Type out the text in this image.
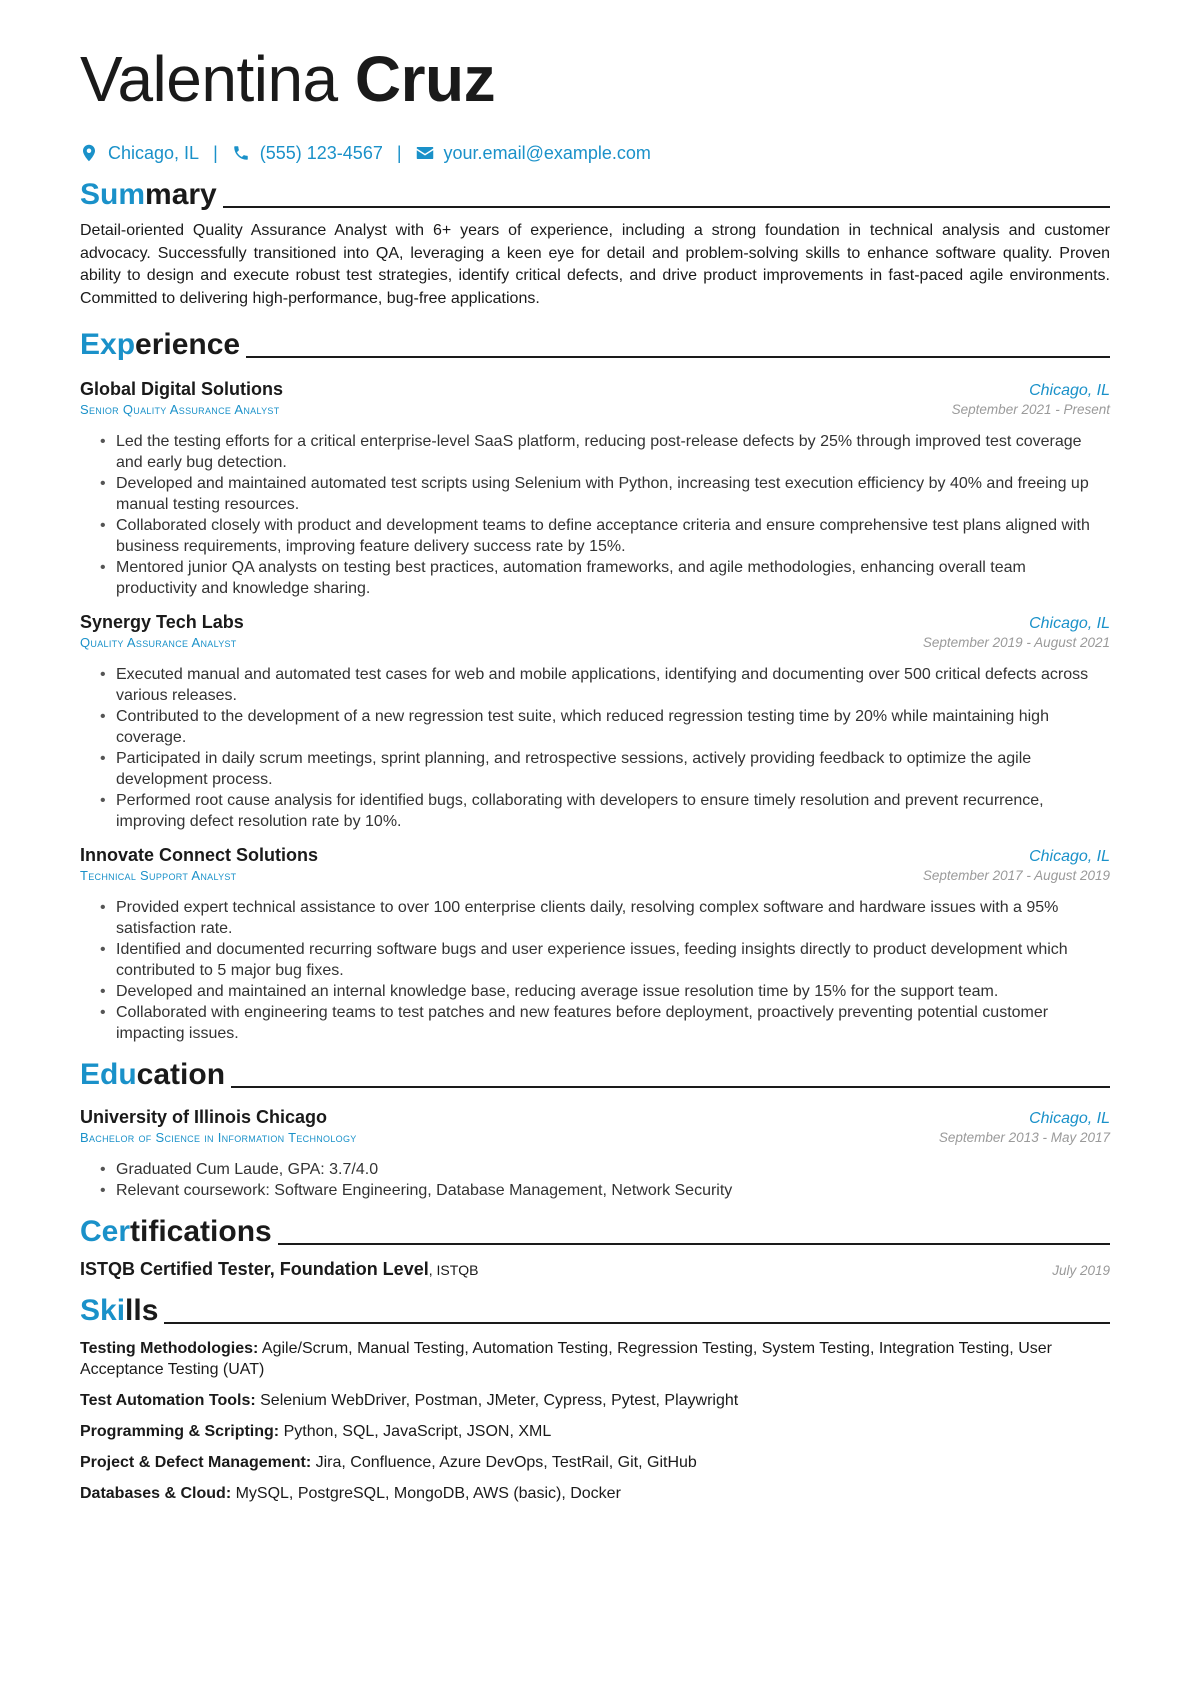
Valentina Cruz
Chicago, IL | (555) 123-4567 | your.email@example.com
Summary
Detail-oriented Quality Assurance Analyst with 6+ years of experience, including a strong foundation in technical analysis and customer advocacy. Successfully transitioned into QA, leveraging a keen eye for detail and problem-solving skills to enhance software quality. Proven ability to design and execute robust test strategies, identify critical defects, and drive product improvements in fast-paced agile environments. Committed to delivering high-performance, bug-free applications.
Experience
Global Digital Solutions	Chicago, IL
Senior Quality Assurance Analyst	September 2021 - Present
• Led the testing efforts for a critical enterprise-level SaaS platform, reducing post-release defects by 25% through improved test coverage and early bug detection.
• Developed and maintained automated test scripts using Selenium with Python, increasing test execution efficiency by 40% and freeing up manual testing resources.
• Collaborated closely with product and development teams to define acceptance criteria and ensure comprehensive test plans aligned with business requirements, improving feature delivery success rate by 15%.
• Mentored junior QA analysts on testing best practices, automation frameworks, and agile methodologies, enhancing overall team productivity and knowledge sharing.
Synergy Tech Labs	Chicago, IL
Quality Assurance Analyst	September 2019 - August 2021
• Executed manual and automated test cases for web and mobile applications, identifying and documenting over 500 critical defects across various releases.
• Contributed to the development of a new regression test suite, which reduced regression testing time by 20% while maintaining high coverage.
• Participated in daily scrum meetings, sprint planning, and retrospective sessions, actively providing feedback to optimize the agile development process.
• Performed root cause analysis for identified bugs, collaborating with developers to ensure timely resolution and prevent recurrence, improving defect resolution rate by 10%.
Innovate Connect Solutions	Chicago, IL
Technical Support Analyst	September 2017 - August 2019
• Provided expert technical assistance to over 100 enterprise clients daily, resolving complex software and hardware issues with a 95% satisfaction rate.
• Identified and documented recurring software bugs and user experience issues, feeding insights directly to product development which contributed to 5 major bug fixes.
• Developed and maintained an internal knowledge base, reducing average issue resolution time by 15% for the support team.
• Collaborated with engineering teams to test patches and new features before deployment, proactively preventing potential customer impacting issues.
Education
University of Illinois Chicago	Chicago, IL
Bachelor of Science in Information Technology	September 2013 - May 2017
• Graduated Cum Laude, GPA: 3.7/4.0
• Relevant coursework: Software Engineering, Database Management, Network Security
Certifications
ISTQB Certified Tester, Foundation Level, ISTQB	July 2019
Skills
Testing Methodologies: Agile/Scrum, Manual Testing, Automation Testing, Regression Testing, System Testing, Integration Testing, User Acceptance Testing (UAT)
Test Automation Tools: Selenium WebDriver, Postman, JMeter, Cypress, Pytest, Playwright
Programming & Scripting: Python, SQL, JavaScript, JSON, XML
Project & Defect Management: Jira, Confluence, Azure DevOps, TestRail, Git, GitHub
Databases & Cloud: MySQL, PostgreSQL, MongoDB, AWS (basic), Docker
